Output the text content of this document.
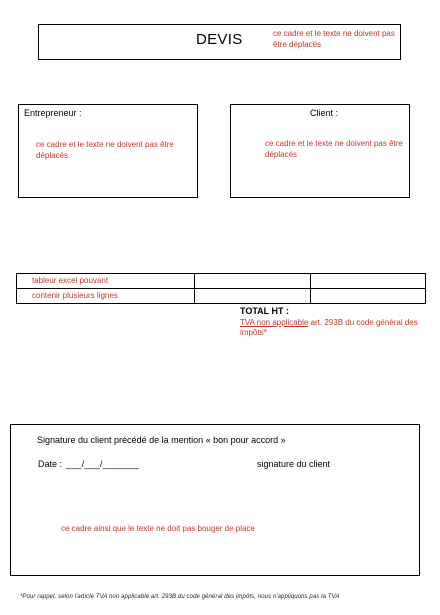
DEVIS	ce cadre et le texte ne doivent pas être déplacés
Entrepreneur :
ce cadre et le texte ne doivent pas être déplacés
Client :
ce cadre et le texte ne doivent pas être déplacés
tableur excel pouvant		
contenir plusieurs lignes		
TOTAL HT :
TVA non applicable art. 293B du code général des impôts*
Signature du client précédé de la mention « bon pour accord »
Date : ___/___/_______	signature du client
ce cadre ainsi que le texte ne doit pas bouger de place
*Pour rappel, selon l'article TVA non applicable art. 293B du code général des impôts, nous n'appliquons pas la TVA
